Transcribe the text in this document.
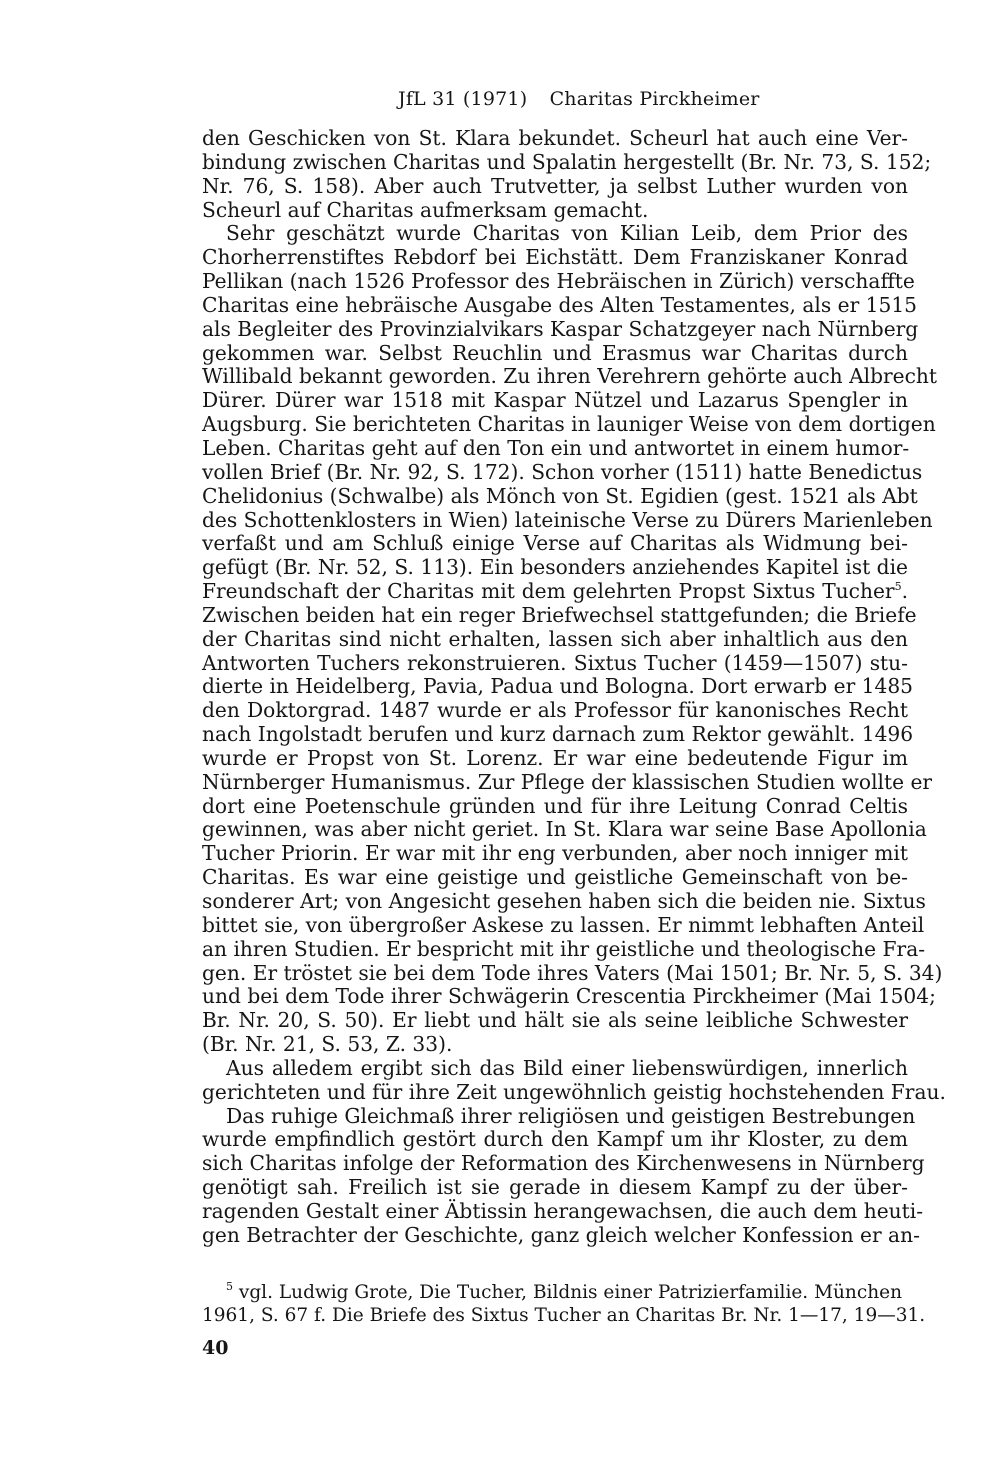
JfL 31 (1971) Charitas Pirckheimer
den Geschicken von St. Klara bekundet. Scheurl hat auch eine Ver-
bindung zwischen Charitas und Spalatin hergestellt (Br. Nr. 73, S. 152;
Nr. 76, S. 158). Aber auch Trutvetter, ja selbst Luther wurden von
Scheurl auf Charitas aufmerksam gemacht.
Sehr geschätzt wurde Charitas von Kilian Leib, dem Prior des
Chorherrenstiftes Rebdorf bei Eichstätt. Dem Franziskaner Konrad
Pellikan (nach 1526 Professor des Hebräischen in Zürich) verschaffte
Charitas eine hebräische Ausgabe des Alten Testamentes, als er 1515
als Begleiter des Provinzialvikars Kaspar Schatzgeyer nach Nürnberg
gekommen war. Selbst Reuchlin und Erasmus war Charitas durch
Willibald bekannt geworden. Zu ihren Verehrern gehörte auch Albrecht
Dürer. Dürer war 1518 mit Kaspar Nützel und Lazarus Spengler in
Augsburg. Sie berichteten Charitas in launiger Weise von dem dortigen
Leben. Charitas geht auf den Ton ein und antwortet in einem humor-
vollen Brief (Br. Nr. 92, S. 172). Schon vorher (1511) hatte Benedictus
Chelidonius (Schwalbe) als Mönch von St. Egidien (gest. 1521 als Abt
des Schottenklosters in Wien) lateinische Verse zu Dürers Marienleben
verfaßt und am Schluß einige Verse auf Charitas als Widmung bei-
gefügt (Br. Nr. 52, S. 113). Ein besonders anziehendes Kapitel ist die
Freundschaft der Charitas mit dem gelehrten Propst Sixtus Tucher$^5$.
Zwischen beiden hat ein reger Briefwechsel stattgefunden; die Briefe
der Charitas sind nicht erhalten, lassen sich aber inhaltlich aus den
Antworten Tuchers rekonstruieren. Sixtus Tucher (1459—1507) stu-
dierte in Heidelberg, Pavia, Padua und Bologna. Dort erwarb er 1485
den Doktorgrad. 1487 wurde er als Professor für kanonisches Recht
nach Ingolstadt berufen und kurz darnach zum Rektor gewählt. 1496
wurde er Propst von St. Lorenz. Er war eine bedeutende Figur im
Nürnberger Humanismus. Zur Pflege der klassischen Studien wollte er
dort eine Poetenschule gründen und für ihre Leitung Conrad Celtis
gewinnen, was aber nicht geriet. In St. Klara war seine Base Apollonia
Tucher Priorin. Er war mit ihr eng verbunden, aber noch inniger mit
Charitas. Es war eine geistige und geistliche Gemeinschaft von be-
sonderer Art; von Angesicht gesehen haben sich die beiden nie. Sixtus
bittet sie, von übergroßer Askese zu lassen. Er nimmt lebhaften Anteil
an ihren Studien. Er bespricht mit ihr geistliche und theologische Fra-
gen. Er tröstet sie bei dem Tode ihres Vaters (Mai 1501; Br. Nr. 5, S. 34)
und bei dem Tode ihrer Schwägerin Crescentia Pirckheimer (Mai 1504;
Br. Nr. 20, S. 50). Er liebt und hält sie als seine leibliche Schwester
(Br. Nr. 21, S. 53, Z. 33).
Aus alledem ergibt sich das Bild einer liebenswürdigen, innerlich
gerichteten und für ihre Zeit ungewöhnlich geistig hochstehenden Frau.
Das ruhige Gleichmaß ihrer religiösen und geistigen Bestrebungen
wurde empfindlich gestört durch den Kampf um ihr Kloster, zu dem
sich Charitas infolge der Reformation des Kirchenwesens in Nürnberg
genötigt sah. Freilich ist sie gerade in diesem Kampf zu der über-
ragenden Gestalt einer Äbtissin herangewachsen, die auch dem heuti-
gen Betrachter der Geschichte, ganz gleich welcher Konfession er an-
$^5$ vgl. Ludwig Grote, Die Tucher, Bildnis einer Patrizierfamilie. München
1961, S. 67 f. Die Briefe des Sixtus Tucher an Charitas Br. Nr. 1—17, 19—31.
40
